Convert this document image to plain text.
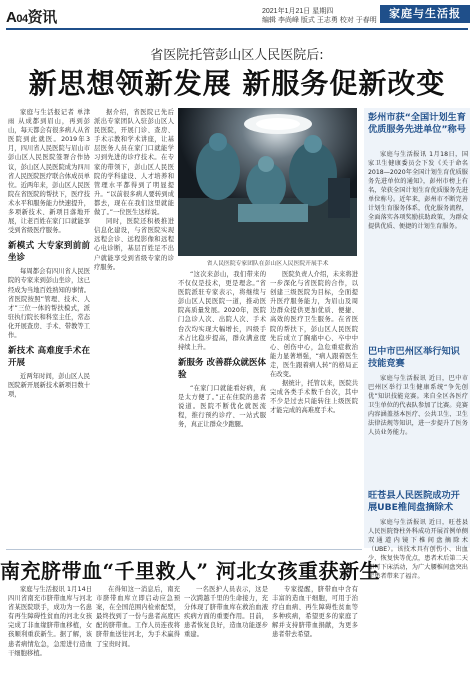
A04资讯	2021年1月21日 星期四
编辑 李尚峰 版式 王志勇 校对 于春明
家庭与生活报
省医院托管彭山区人民医院后:
新思想领新发展 新服务促新改变

家庭与生活报记者 单津雨 从成都到眉山，再到彭山，每天都会有很多病人从省医院到此就医。2019年3月，四川省人民医院与眉山市彭山区人民医院签署合作协议，彭山区人民医院成为四川省人民医院医疗联合体成员单位。近两年来，彭山区人民医院在省医院的帮扶下，医疗技术水平和服务能力快速提升，多项新技术、新项目落地开展，让老百姓在家门口就能享受到省级医疗服务。

新模式 大专家到前前坐诊

每周都会有四川省人民医院的专家来到彭山坐诊，这已经成为当地百姓熟知的事情。省医院按照“管理、技术、人才”三位一体的帮扶模式，派驻执行院长和科室主任，常态化开展查房、手术、带教等工作。

新技术 高难度手术在开展

近两年时间，彭山区人民医院新开展新技术新项目数十项，

据介绍，省医院已先后派出专家团队入驻彭山区人民医院，开展门诊、查房、手术示教和学术讲座，让基层医务人员在家门口就能学习到先进的诊疗技术。在专家的带领下，彭山区人民医院的学科建设、人才培养和管理水平都得到了明显提升。“以前很多病人要转到成都去，现在在我们这里就能做了。”一位医生这样说。

同时，医院还积极推进信息化建设，与省医院实现远程会诊、远程影像和远程心电诊断，基层百姓足不出户就能享受到省级专家的诊疗服务。	省人民医院专家团队在彭山区人民医院开展手术

“这次来彭山，我们带来的不仅仅是技术，更是理念。”省医院派驻专家表示，将继续与彭山区人民医院一道，推动医院高质量发展。2020年，医院门急诊人次、出院人次、手术台次均实现大幅增长，四级手术占比稳步提高，群众满意度持续上升。

新服务 改善群众就医体验

“在家门口就能看好病，真是太方便了。”正在住院的患者说道。医院不断优化就医流程，推行预约诊疗、一站式服务，真正让群众少跑腿。

医院负责人介绍，未来将进一步深化与省医院的合作，以创建三级医院为目标，全面提升医疗服务能力，为眉山及周边群众提供更加优质、便捷、高效的医疗卫生服务。在省医院的帮扶下，彭山区人民医院先后成立了胸痛中心、卒中中心、创伤中心，急危重症救治能力显著增强，“病人跟着医生走，医生跟着病人转”的格局正在改变。

据统计，托管以来，医院共完成各类手术数千台次，其中不少是过去只能转往上级医院才能完成的高难度手术。

彭州市获“全国计划生育优质服务先进单位”称号

家庭与生活报讯 1月18日，国家卫生健康委员会下发《关于命名2018—2020年全国计划生育优质服务先进单位的通知》，彭州市榜上有名，荣获全国计划生育优质服务先进单位称号。近年来，彭州市不断完善计划生育服务体系，优化服务流程，全面落实各项奖励扶助政策，为群众提供优质、便捷的计划生育服务。

巴中市巴州区举行知识技能竞赛

家庭与生活报讯 近日，巴中市巴州区举行卫生健康系统“争先创优”知识技能竞赛。来自全区各医疗卫生单位的代表队参加了比赛。竞赛内容涵盖基本医疗、公共卫生、卫生法律法规等知识，进一步提升了医务人员业务能力。

旺苍县人民医院成功开展UBE椎间盘摘除术

家庭与生活报讯 近日，旺苍县人民医院脊柱外科成功开展首例单侧双通道内镜下椎间盘摘除术（UBE）。该技术具有创伤小、出血少、恢复快等优点，患者术后第二天即可下床活动，为广大腰椎间盘突出症患者带来了福音。

南充脐带血“千里救人” 河北女孩重获新生

家庭与生活报讯 1月14日 四川省南充市脐带血库与河北省某医院联手，成功为一名患有再生障碍性贫血的河北女孩完成了非血缘脐带血移植，女孩顺利重获新生。据了解，该患者病情危急，急需进行造血干细胞移植。

在得知这一消息后，南充市脐带血库立即启动应急预案，在全国范围内检索配型，最终找到了一份与患者高度匹配的脐带血。工作人员连夜将脐带血送往河北，为手术赢得了宝贵时间。

一名医护人员表示，这是一次跨越千里的生命接力，充分体现了脐带血库在救治血液疾病方面的重要作用。目前，患者恢复良好，造血功能逐步重建。

专家提醒，脐带血中含有丰富的造血干细胞，可用于治疗白血病、再生障碍性贫血等多种疾病，希望更多的家庭了解并支持脐带血捐献，为更多患者带去希望。
